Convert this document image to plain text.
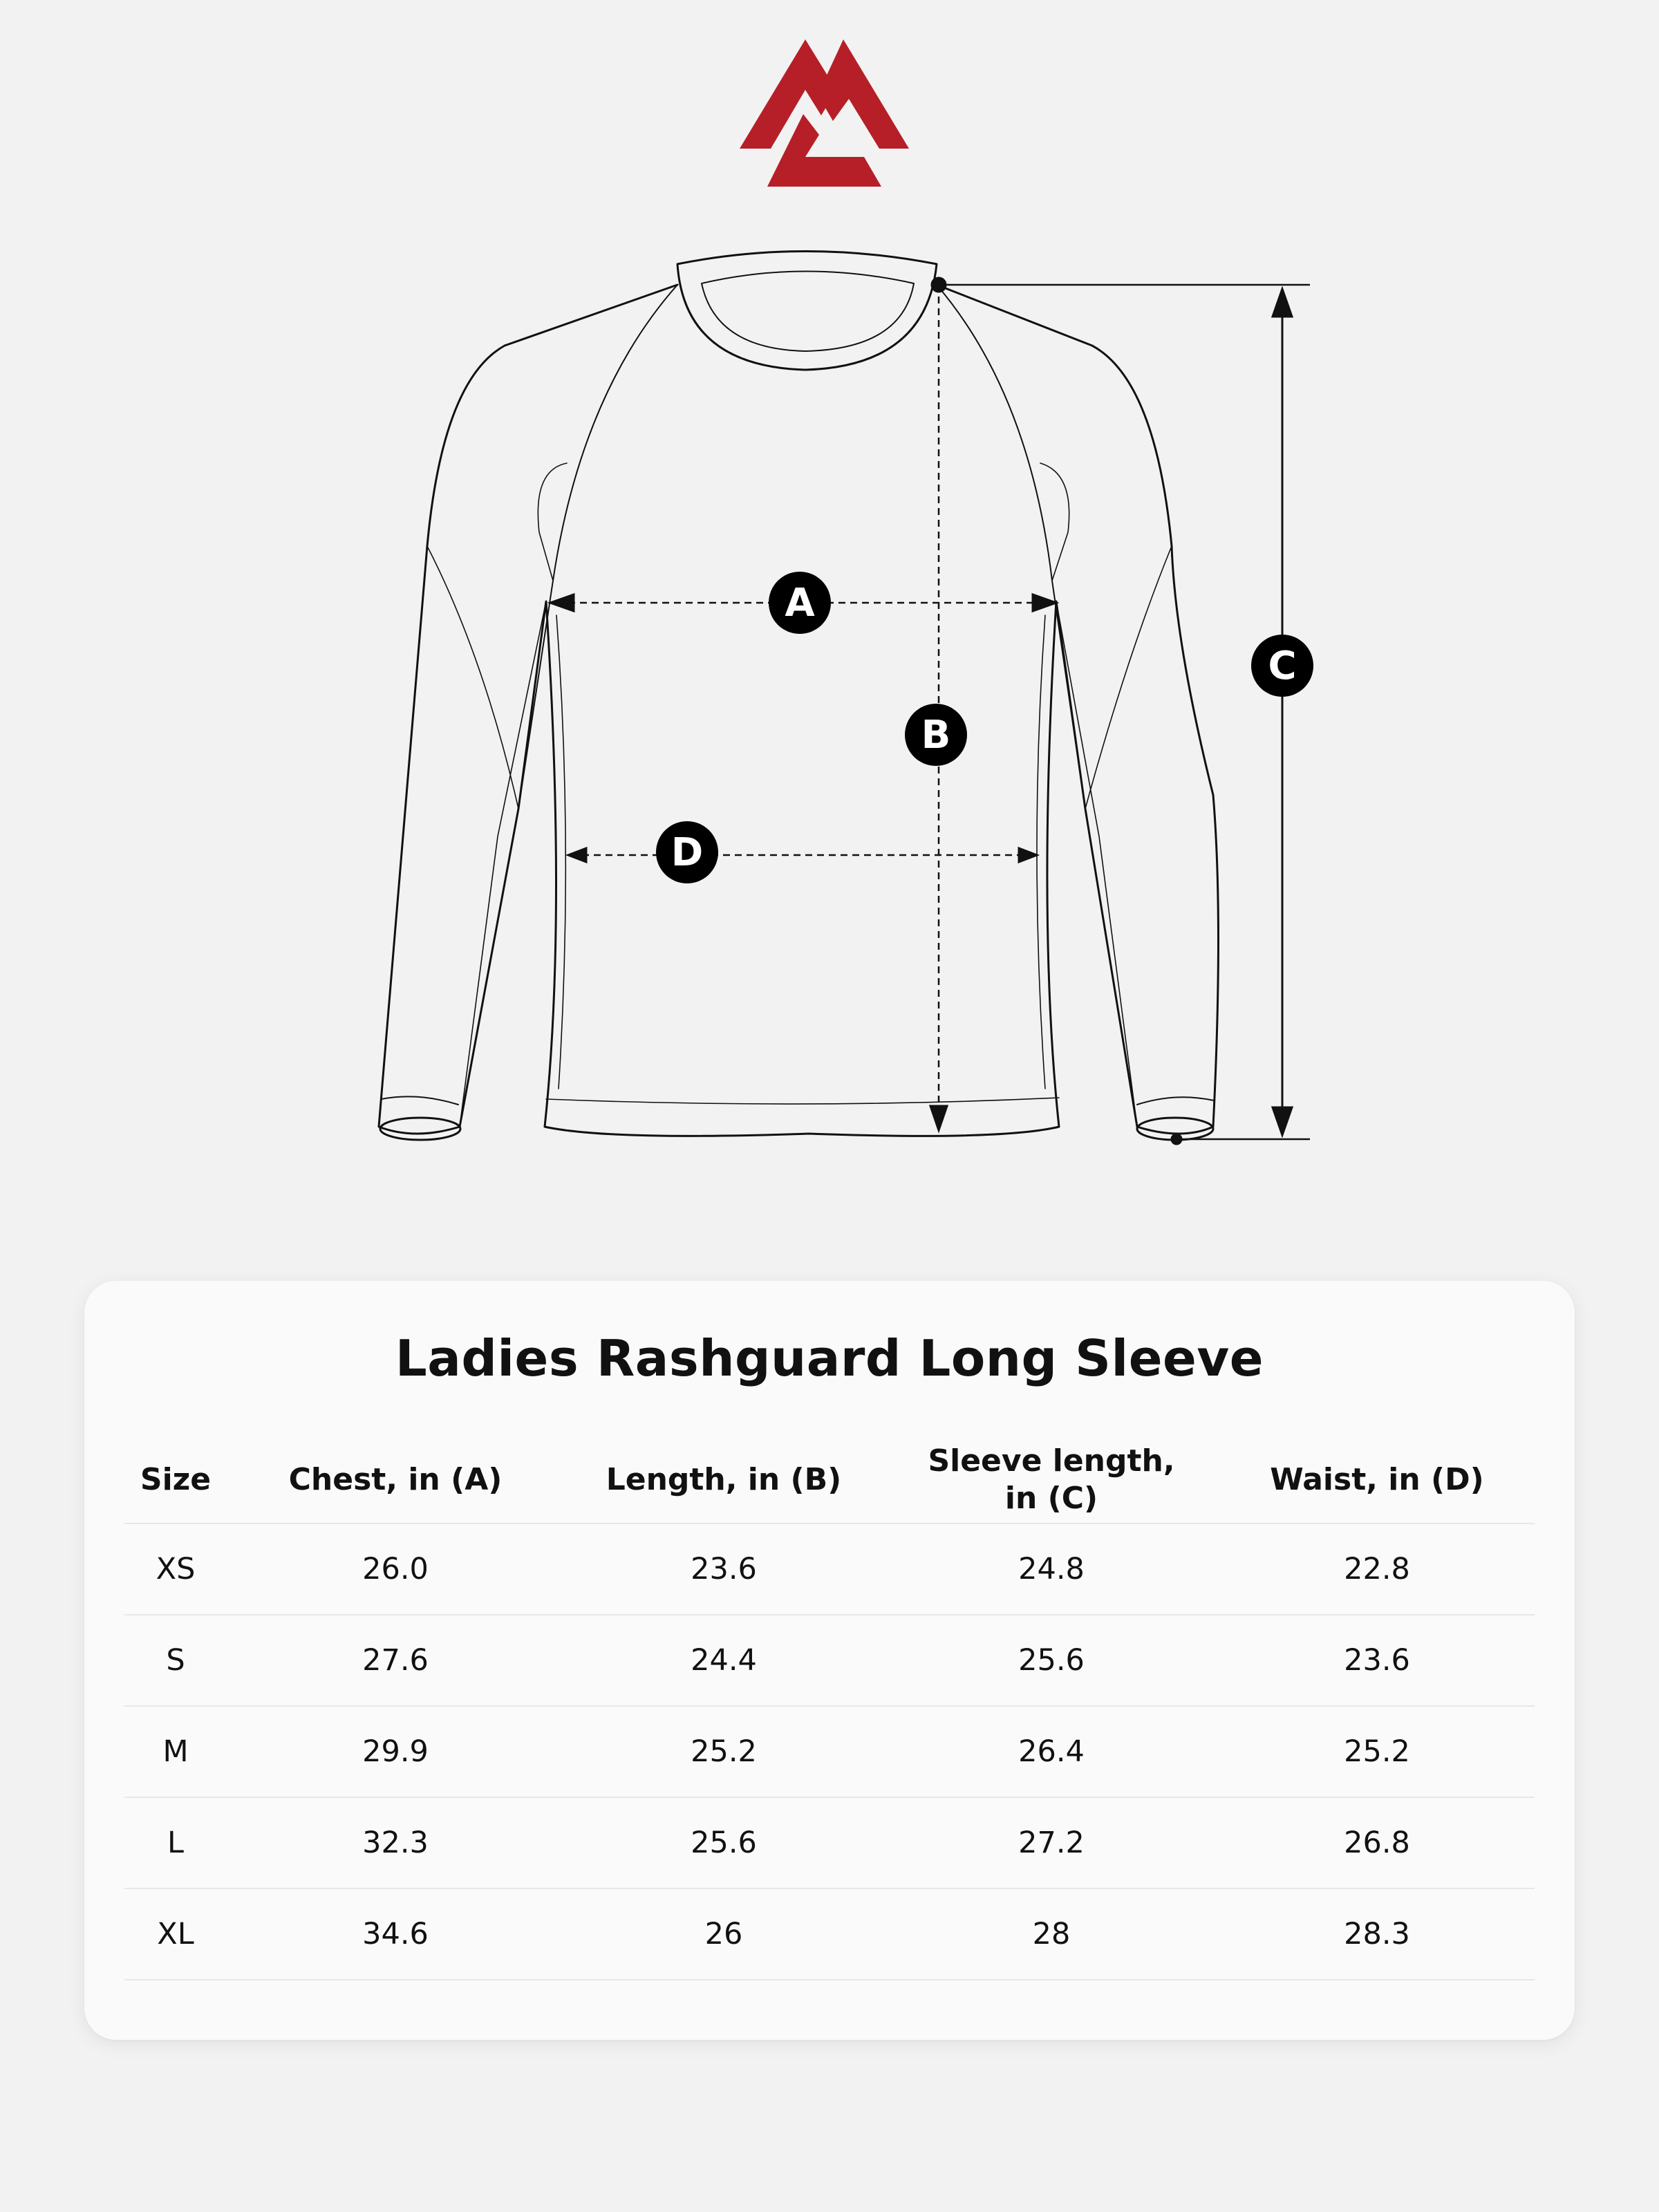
A
B
C
D
Ladies Rashguard Long Sleeve
Size	Chest, in (A)	Length, in (B)	Sleeve length,
in (C)	Waist, in (D)
XS	26.0	23.6	24.8	22.8
S	27.6	24.4	25.6	23.6
M	29.9	25.2	26.4	25.2
L	32.3	25.6	27.2	26.8
XL	34.6	26	28	28.3
